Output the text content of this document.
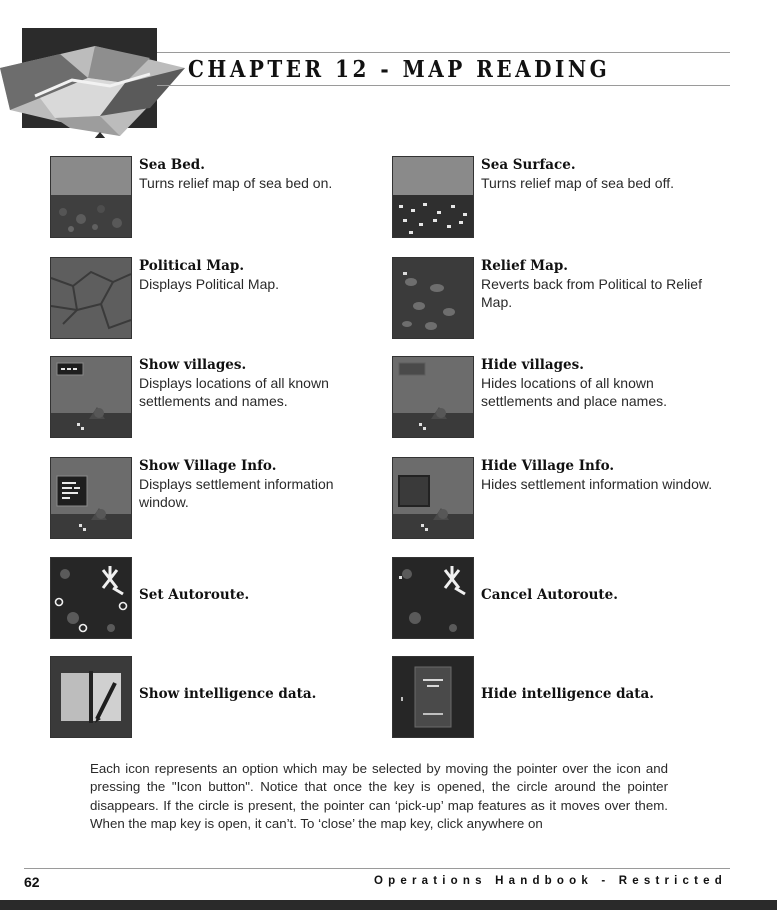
CHAPTER 12 - MAP READING

Sea Bed.

Turns relief map of sea bed on.

Sea Surface.

Turns relief map of sea bed off.

Political Map.

Displays Political Map.

Relief Map.

Reverts back from Political to Relief Map.

Show villages.

Displays locations of all known settlements and names.

Hide villages.

Hides locations of all known settlements and place names.

Show Village Info.

Displays settlement information window.

Hide Village Info.

Hides settlement information window.

Set Autoroute.	Cancel Autoroute.

Show intelligence data.	Hide intelligence data.

Each icon represents an option which may be selected by moving the pointer over the icon and pressing the "Icon button". Notice that once the key is opened, the circle around the pointer disappears. If the circle is present, the pointer can ‘pick-up’ map features as it moves over them. When the map key is open, it can’t. To ‘close’ the map key, click anywhere on

62	Operations Handbook - Restricted
